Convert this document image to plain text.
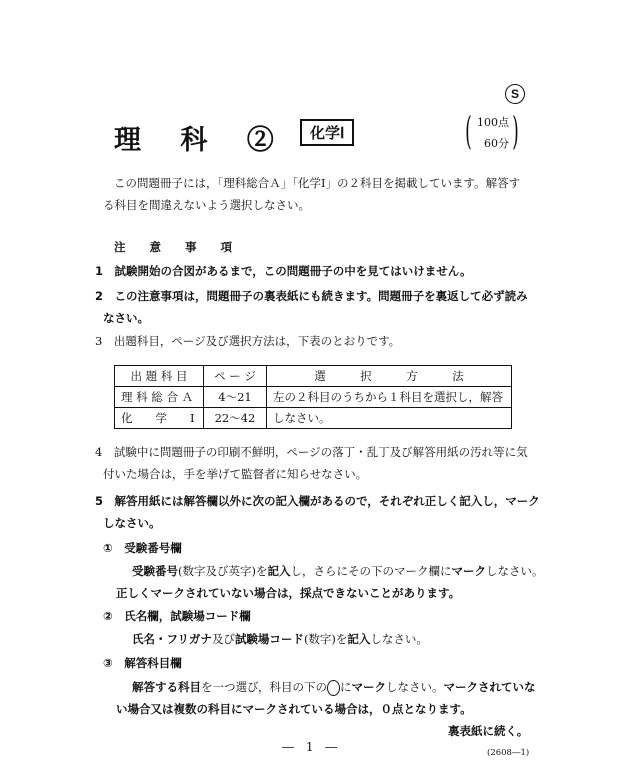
S
理 科 ②	化学Ⅰ	( 100点
60分 )
この問題冊子には，「理科総合Ａ」「化学Ⅰ」の２科目を掲載しています。解答す
る科目を間違えないよう選択しなさい。
注 意 事 項
1　試験開始の合図があるまで，この問題冊子の中を見てはいけません。
2　この注意事項は，問題冊子の裏表紙にも続きます。問題冊子を裏返して必ず読み
なさい。
3　出題科目，ページ及び選択方法は，下表のとおりです。
出 題 科 目	ペ ー ジ	選　　　択　　　方　　　法
理 科 総 合 Ａ	4～21	左の２科目のうちから１科目を選択し，解答
化　　学　　Ⅰ	22～42	しなさい。
4　試験中に問題冊子の印刷不鮮明，ページの落丁・乱丁及び解答用紙の汚れ等に気
付いた場合は，手を挙げて監督者に知らせなさい。
5　解答用紙には解答欄以外に次の記入欄があるので，それぞれ正しく記入し，マーク
しなさい。
①　受験番号欄
受験番号(数字及び英字)を記入し，さらにその下のマーク欄にマークしなさい。
正しくマークされていない場合は，採点できないことがあります。
②　氏名欄，試験場コード欄
氏名・フリガナ及び試験場コード(数字)を記入しなさい。
③　解答科目欄
解答する科目を一つ選び，科目の下の にマークしなさい。マークされていな
い場合又は複数の科目にマークされている場合は，０点となります。
裏表紙に続く。
― 1 ―	(2608―1)
